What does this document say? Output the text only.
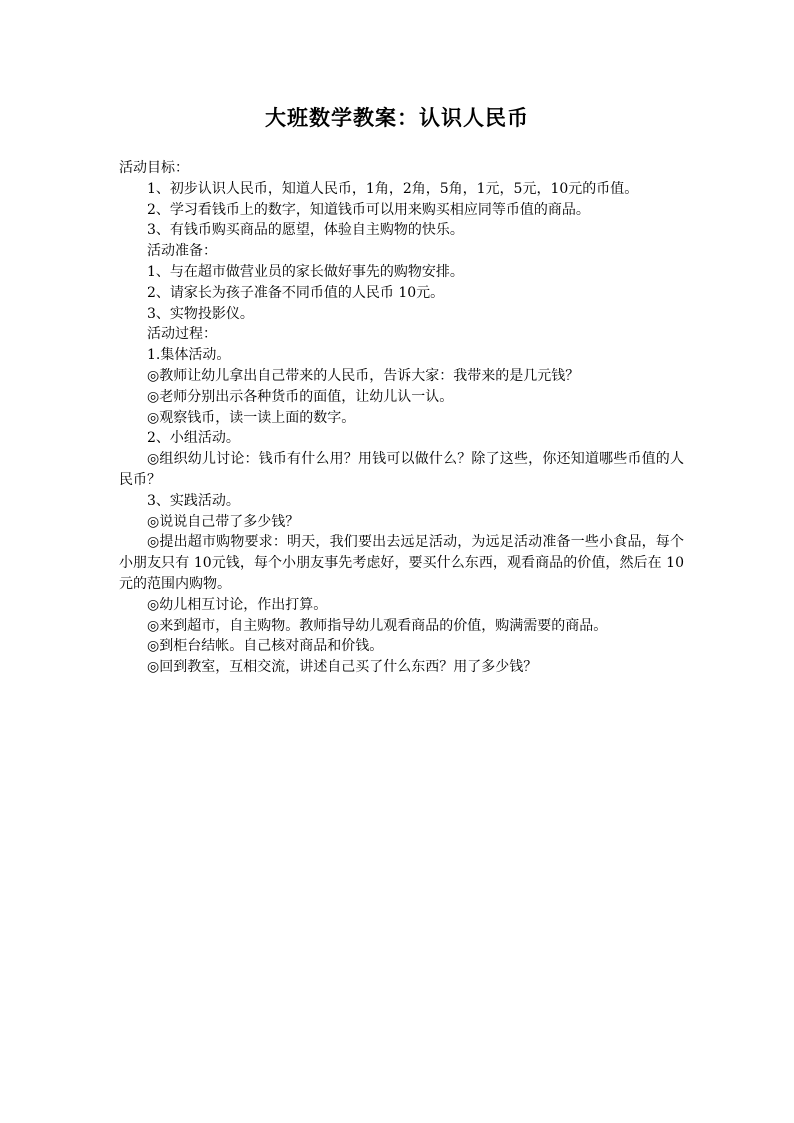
大班数学教案：认识人民币

活动目标：

1、初步认识人民币，知道人民币，1角，2角，5角，1元，5元，10元的币值。

2、学习看钱币上的数字，知道钱币可以用来购买相应同等币值的商品。

3、有钱币购买商品的愿望，体验自主购物的快乐。

活动准备：

1、与在超市做营业员的家长做好事先的购物安排。

2、请家长为孩子准备不同币值的人民币 10元。

3、实物投影仪。

活动过程：

1.集体活动。

◎教师让幼儿拿出自己带来的人民币，告诉大家：我带来的是几元钱？

◎老师分别出示各种货币的面值，让幼儿认一认。

◎观察钱币，读一读上面的数字。

2、小组活动。

◎组织幼儿讨论：钱币有什么用？用钱可以做什么？除了这些，你还知道哪些币值的人民币？

3、实践活动。

◎说说自己带了多少钱？

◎提出超市购物要求：明天，我们要出去远足活动，为远足活动准备一些小食品，每个小朋友只有 10元钱，每个小朋友事先考虑好，要买什么东西，观看商品的价值，然后在 10元的范围内购物。

◎幼儿相互讨论，作出打算。

◎来到超市，自主购物。教师指导幼儿观看商品的价值，购满需要的商品。

◎到柜台结帐。自己核对商品和价钱。

◎回到教室，互相交流，讲述自己买了什么东西？用了多少钱？
